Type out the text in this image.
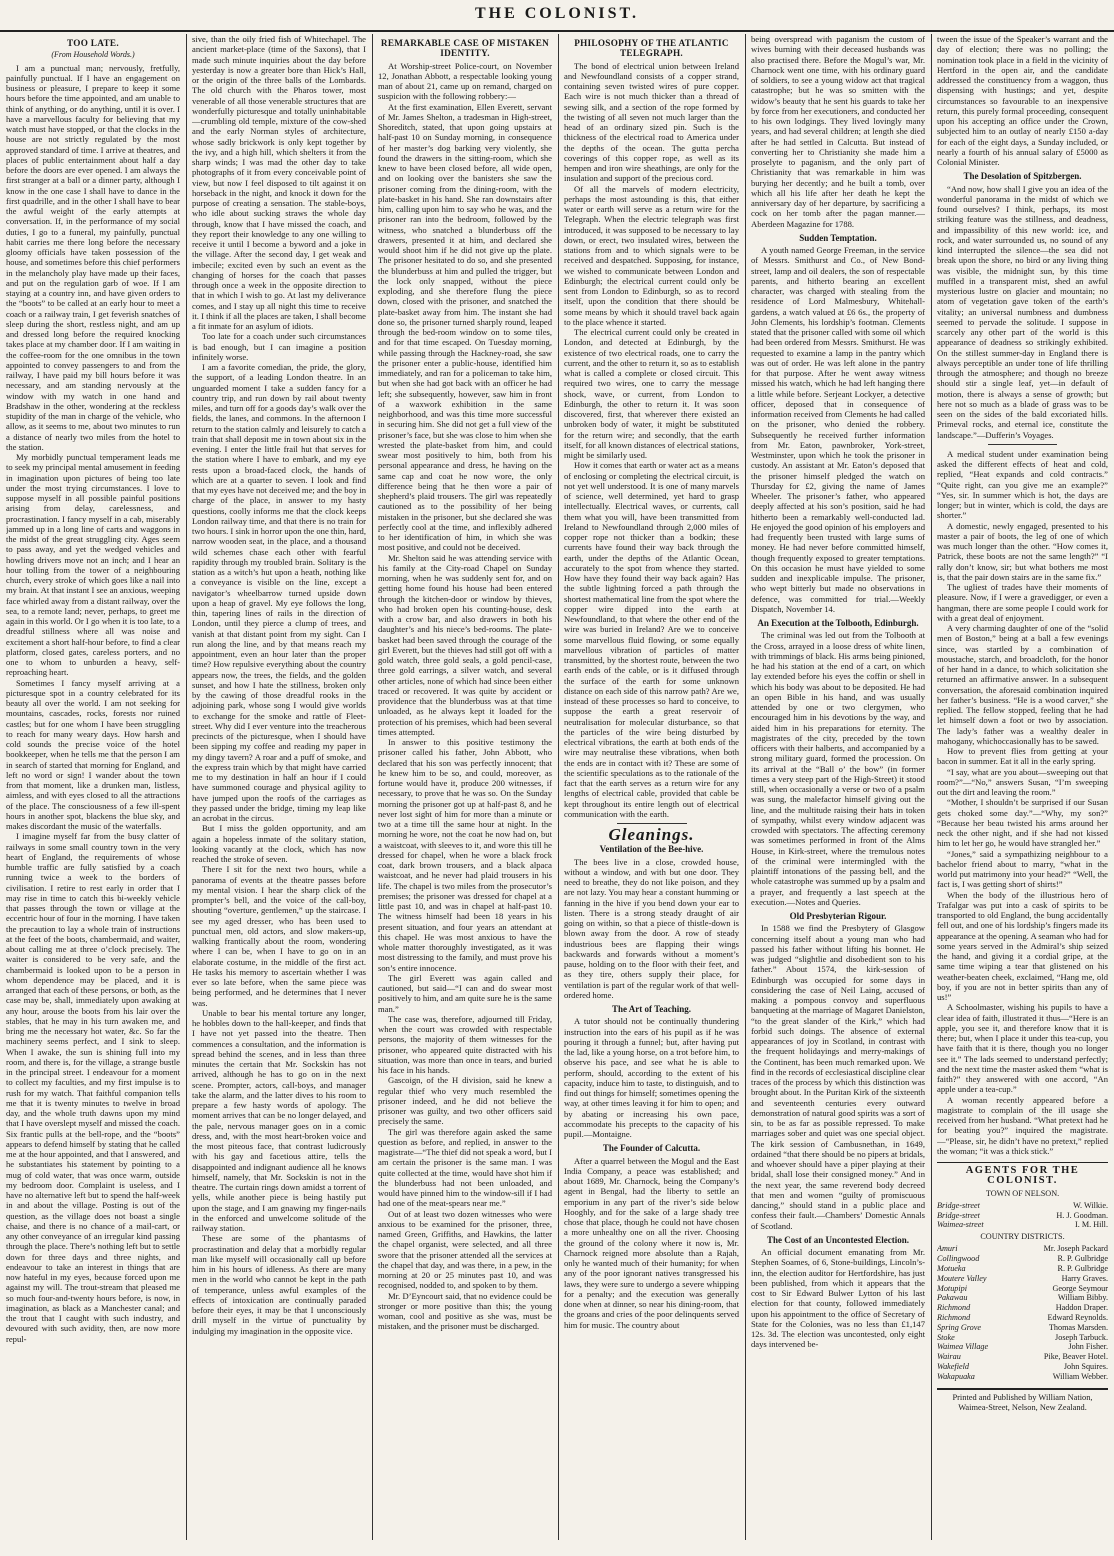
THE COLONIST.
TOO LATE.

(From Household Words.)

I am a punctual man; nervously, fretfully, painfully punctual. If I have an engagement on business or pleasure, I prepare to keep it some hours before the time appointed, and am unable to think of anything, or do anything, until it is over. I have a marvellous faculty for believing that my watch must have stopped, or that the clocks in the house are not strictly regulated by the most approved standard of time. I arrive at theatres, and places of public entertainment about half a day before the doors are ever opened. I am always the first stranger at a ball or a dinner party, although I know in the one case I shall have to dance in the first quadrille, and in the other I shall have to bear the awful weight of the early attempts at conversation. If, in the performance of my social duties, I go to a funeral, my painfully, punctual habit carries me there long before the necessary gloomy officials have taken possession of the house, and sometimes before this chief performers in the melancholy play have made up their faces, and put on the regulation garb of woe. If I am staying at a country inn, and have given orders to the “boots” to be called at an early hour to meet a coach or a railway train, I get feverish snatches of sleep during the short, restless night, and am up and dressed long before the required knocking takes place at my chamber door. If I am waiting in the coffee-room for the one omnibus in the town appointed to convey passengers to and from the railway, I have paid my bill hours before it was necessary, and am standing nervously at the window with my watch in one hand and Bradshaw in the other, wondering at the reckless stupidity of the man in charge of the vehicle, who allow, as it seems to me, about two minutes to run a distance of nearly two miles from the hotel to the station.

My morbidly punctual temperament leads me to seek my principal mental amusement in feeding in imagination upon pictures of being too late under the most trying circumstances. I love to suppose myself in all possible painful positions arising from delay, carelessness, and procrastination. I fancy myself in a cab, miserably jammed up in a long line of carts and waggons in the midst of the great struggling city. Ages seem to pass away, and yet the wedged vehicles and howling drivers move not an inch; and I hear an hour tolling from the tower of a neighbouring church, every stroke of which goes like a nail into my brain. At that instant I see an anxious, weeping face whirled away from a distant railway, over the sea, to a remote land; never, perhaps, to greet me again in this world. Or I go when it is too late, to a dreadful stillness where all was noise and excitement a short half-hour before, to find a clear platform, closed gates, careless porters, and no one to whom to unburden a heavy, self-reproaching heart.

Sometimes I fancy myself arriving at a picturesque spot in a country celebrated for its beauty all over the world. I am not seeking for mountains, cascades, rocks, forests nor ruined castles; but for one whom I have been struggling to reach for many weary days. How harsh and cold sounds the precise voice of the hotel bookkeeper, when he tells me that the person I am in search of started that morning for England, and left no word or sign! I wander about the town from that moment, like a drunken man, listless, aimless, and with eyes closed to all the attractions of the place. The consciousness of a few ill-spent hours in another spot, blackens the blue sky, and makes discordant the music of the waterfalls.

I imagine myself far from the busy clatter of railways in some small country town in the very heart of England, the requirements of whose humble traffic are fully satisfied by a coach running twice a week to the borders of civilisation. I retire to rest early in order that I may rise in time to catch this bi-weekly vehicle that passes through the town or village at the eccentric hour of four in the morning. I have taken the precaution to lay a whole train of instructions at the feet of the boots, chambermaid, and waiter, about calling me at three o’clock precisely. The waiter is considered to be very safe, and the chambermaid is looked upon to be a person in whom dependence may be placed, and it is arranged that each of these persons, or both, as the case may be, shall, immediately upon awaking at any hour, arouse the boots from his lair over the stables, that he may in his turn awaken me, and bring me the necessary hot water, &c. So far the machinery seems perfect, and I sink to sleep. When I awake, the sun is shining full into my room, and there is, for the village, a strange bustle in the principal street. I endeavour for a moment to collect my faculties, and my first impulse is to rush for my watch. That faithful companion tells me that it is twenty minutes to twelve in broad day, and the whole truth dawns upon my mind that I have overslept myself and missed the coach. Six frantic pulls at the bell-rope, and the “boots” appears to defend himself by stating that he called me at the hour appointed, and that I answered, and he substantiates his statement by pointing to a mug of cold water, that was once warm, outside my bedroom door. Complaint is useless, and I have no alternative left but to spend the half-week in and about the village. Posting is out of the question, as the village does not boast a single chaise, and there is no chance of a mail-cart, or any other conveyance of an irregular kind passing through the place. There’s nothing left but to settle down for three days and three nights, and endeavour to take an interest in things that are now hateful in my eyes, because forced upon me against my will. The trout-stream that pleased me so much four-and-twenty hours before, is now, in imagination, as black as a Manchester canal; and the trout that I caught with such industry, and devoured with such avidity, then, are now more repul-

sive, than the oily fried fish of Whitechapel. The ancient market-place (time of the Saxons), that I made such minute inquiries about the day before yesterday is now a greater bore than Hick’s Hall, or the origin of the three balls of the Lombards. The old church with the Pharos tower, most venerable of all those venerable structures that are wonderfully picturesque and totally uninhabitable—crumbling old temple, mixture of the cow-shed and the early Norman styles of architecture, whose sadly brickwork is only kept together by the ivy, and a high hill, which shelters it from the sharp winds; I was mad the other day to take photographs of it from every conceivable point of view, but now I feel disposed to tilt against it on horseback in the night, and knock it down for the purpose of creating a sensation. The stable-boys, who idle about sucking straws the whole day through, know that I have missed the coach, and they report their knowledge to any one willing to receive it until I become a byword and a joke in the village. After the second day, I get weak and imbecile; excited even by such an event as the changing of horses for the coach that passes through once a week in the opposite direction to that in which I wish to go. At last my deliverance comes, and I stay up all night this time to receive it. I think if all the places are taken, I shall become a fit inmate for an asylum of idiots.

Too late for a coach under such circumstances is bad enough, but I can imagine a position infinitely worse.

I am a favorite comedian, the pride, the glory, the support, of a leading London theatre. In an unguarded moment I take a sudden fancy for a country trip, and run down by rail about twenty miles, and turn off for a goods day’s walk over the fields, the lanes, and commons. In the afternoon I return to the station calmly and leisurely to catch a train that shall deposit me in town about six in the evening. I enter the little frail hut that serves for the station where I have to embark, and my eye rests upon a broad-faced clock, the hands of which are at a quarter to seven. I look and find that my eyes have not deceived me; and the boy in charge of the place, in answer to my hasty questions, coolly informs me that the clock keeps London railway time, and that there is no train for two hours. I sink in horror upon the one thin, hard, narrow wooden seat, in the place, and a thousand wild schemes chase each other with fearful rapidity through my troubled brain. Solitary is the station as a witch’s hut upon a heath, nothing like a conveyance is visible on the line, except a navigator’s wheelbarrow turned upside down upon a heap of gravel. My eye follows the long, thin, tapering lines of rails in the direction of London, until they pierce a clump of trees, and vanish at that distant point from my sight. Can I run along the line, and by that means reach my appointment, even an hour later than the proper time? How repulsive everything about the country appears now, the trees, the fields, and the golden sunset, and how I hate the stillness, broken only by the cawing of those dreadful rooks in the adjoining park, whose song I would give worlds to exchange for the smoke and rattle of Fleet-street. Why did I ever venture into the treacherous precincts of the picturesque, when I should have been sipping my coffee and reading my paper in my dingy tavern? A roar and a puff of smoke, and the express train which by that might have carried me to my destination in half an hour if I could have summoned courage and physical agility to have jumped upon the roofs of the carriages as they passed under the bridge, timing my leap like an acrobat in the circus.

But I miss the golden opportunity, and am again a hopeless inmate of the solitary station, looking vacantly at the clock, which has now reached the stroke of seven.

There I sit for the next two hours, while a panorama of events at the theatre passes before my mental vision. I hear the sharp click of the prompter’s bell, and the voice of the call-boy, shouting “overture, gentlemen,” up the staircase. I see my aged dresser, who has been used to punctual men, old actors, and slow makers-up, walking frantically about the room, wondering where I can be, when I have to go on in an elaborate costume, in the middle of the first act. He tasks his memory to ascertain whether I was ever so late before, when the same piece was being performed, and he determines that I never was.

Unable to bear his mental torture any longer, he hobbles down to the hall-keeper, and finds that I have not yet passed into the theatre. Then commences a consultation, and the information is spread behind the scenes, and in less than three minutes the certain that Mr. Sockskin has not arrived, although he has to go on in the next scene. Prompter, actors, call-boys, and manager take the alarm, and the latter dives to his room to prepare a few hasty words of apology. The moment arrives that can be no longer delayed, and the pale, nervous manager goes on in a comic dress, and, with the most heart-broken voice and the most piteous face, that contrast ludicrously with his gay and facetious attire, tells the disappointed and indignant audience all he knows himself, namely, that Mr. Sockskin is not in the theatre. The curtain rings down amidst a torrent of yells, while another piece is being hastily put upon the stage, and I am gnawing my finger-nails in the enforced and unwelcome solitude of the railway station.

These are some of the phantasms of procrastination and delay that a morbidly regular man like myself will occasionally call up before him in his hours of idleness. As there are many men in the world who cannot be kept in the path of temperance, unless awful examples of the effects of intoxication are continually paraded before their eyes, it may be that I unconsciously drill myself in the virtue of punctuality by indulging my imagination in the opposite vice.

REMARKABLE CASE OF MISTAKEN IDENTITY.

At Worship-street Police-court, on November 12, Jonathan Abbott, a respectable looking young man of about 21, came up on remand, charged on suspicion with the following robbery:—

At the first examination, Ellen Everett, servant of Mr. James Shelton, a tradesman in High-street, Shoreditch, stated, that upon going upstairs at half-past 10 on Sunday morning, in consequence of her master’s dog barking very violently, she found the drawers in the sitting-room, which she knew to have been closed before, all wide open, and on looking over the banisters she saw the prisoner coming from the dining-room, with the plate-basket in his hand. She ran downstairs after him, calling upon him to say who he was, and the prisoner ran into the bedroom, followed by the witness, who snatched a blunderbuss off the drawers, presented it at him, and declared she would shoot him if he did not give up the plate. The prisoner hesitated to do so, and she presented the blunderbuss at him and pulled the trigger, but the lock only snapped, without the piece exploding, and she therefore flung the piece down, closed with the prisoner, and snatched the plate-basket away from him. The instant she had done so, the prisoner turned sharply round, leaped through the bed-room window on to some tiles, and for that time escaped. On Tuesday morning, while passing through the Hackney-road, she saw the prisoner enter a public-house, identified him immediately, and ran for a policeman to take him, but when she had got back with an officer he had left; she subsequently, however, saw him in front of a waxwork exhibition in the same neighborhood, and was this time more successful in securing him. She did not get a full view of the prisoner’s face, but she was close to him when she wrested the plate-basket from him, and could swear most positively to him, both from his personal appearance and dress, he having on the same cap and coat he now wore, the only difference being that he then wore a pair of shepherd’s plaid trousers. The girl was repeatedly cautioned as to the possibility of her being mistaken in the prisoner, but she declared she was perfectly cool at the time, and inflexibly adhered to her identification of him, in which she was most positive, and could not be deceived.

Mr. Shelton said he was attending service with his family at the City-road Chapel on Sunday morning, when he was suddenly sent for, and on getting home found his house had been entered through the kitchen-door or window by thieves, who had broken open his counting-house, desk with a crow bar, and also drawers in both his daughter’s and his niece’s bed-rooms. The plate-basket had been saved through the courage of the girl Everett, but the thieves had still got off with a gold watch, three gold seals, a gold pencil-case, three gold earrings, a silver watch, and several other articles, none of which had since been either traced or recovered. It was quite by accident or providence that the blunderbuss was at that time unloaded, as he always kept it loaded for the protection of his premises, which had been several times attempted.

In answer to this positive testimony the prisoner called his father, John Abbott, who declared that his son was perfectly innocent; that he knew him to be so, and could, moreover, as fortune would have it, produce 200 witnesses, if necessary, to prove that he was so. On the Sunday morning the prisoner got up at half-past 8, and he never lost sight of him for more than a minute or two at a time till the same hour at night. In the morning he wore, not the coat he now had on, but a waistcoat, with sleeves to it, and wore this till he dressed for chapel, when he wore a black frock coat, dark brown trousers, and a black alpaca waistcoat, and he never had plaid trousers in his life. The chapel is two miles from the prosecutor’s premises; the prisoner was dressed for chapel at a little past 10, and was in chapel at half-past 10. The witness himself had been 18 years in his present situation, and four years an attendant at this chapel. He was most anxious to have the whole matter thoroughly investigated, as it was most distressing to the family, and must prove his son’s entire innocence.

The girl Everett was again called and cautioned, but said—“I can and do swear most positively to him, and am quite sure he is the same man.”

The case was, therefore, adjourned till Friday, when the court was crowded with respectable persons, the majority of them witnesses for the prisoner, who appeared quite distracted with his situation, was more than once in tears, and buried his face in his hands.

Gascoign, of the H division, said he knew a regular thief who very much resembled the prisoner indeed, and he did not believe the prisoner was guilty, and two other officers said precisely the same.

The girl was therefore again asked the same question as before, and replied, in answer to the magistrate—“The thief did not speak a word, but I am certain the prisoner is the same man. I was quite collected at the time, would have shot him if the blunderbuss had not been unloaded, and would have pinned him to the window-sill if I had had one of the meat-spears near me.”

Out of at least two dozen witnesses who were anxious to be examined for the prisoner, three, named Green, Griffiths, and Hawkins, the latter the chapel organist, were selected, and all three swore that the prisoner attended all the services at the chapel that day, and was there, in a pew, in the morning at 20 or 25 minutes past 10, and was recognised, nodded to, and spoken to by them.

Mr. D’Eyncourt said, that no evidence could be stronger or more positive than this; the young woman, cool and positive as she was, must be mistaken, and the prisoner must be discharged.

PHILOSOPHY OF THE ATLANTIC TELEGRAPH.

The bond of electrical union between Ireland and Newfoundland consists of a copper strand, containing seven twisted wires of pure copper. Each wire is not much thicker than a thread of sewing silk, and a section of the rope formed by the twisting of all seven not much larger than the head of an ordinary sized pin. Such is the thickness of the electrical road to America under the depths of the ocean. The gutta percha coverings of this copper rope, as well as its hempen and iron wire sheathings, are only for the insulation and support of the precious cord.

Of all the marvels of modern electricity, perhaps the most astounding is this, that either water or earth will serve as a return wire for the Telegraph. When the electric telegraph was first introduced, it was supposed to be necessary to lay down, or erect, two insulated wires, between the stations from and to which signals were to be received and despatched. Supposing, for instance, we wished to communicate between London and Edinburgh; the electrical current could only be sent from London to Edinburgh, so as to record itself, upon the condition that there should be some means by which it should travel back again to the place whence it started.

The electrical current could only be created in London, and detected at Edinburgh, by the existence of two electrical roads, one to carry the current, and the other to return it, so as to establish what is called a complete or closed circuit. This required two wires, one to carry the message shock, wave, or current, from London to Edinburgh, the other to return it. It was soon discovered, first, that wherever there existed an unbroken body of water, it might be substituted for the return wire; and secondly, that the earth itself, for all known distances of electrical stations, might be similarly used.

How it comes that earth or water act as a means of enclosing or completing the electrical circuit, is not yet well understood. It is one of many marvels of science, well determined, yet hard to grasp intellectually. Electrical waves, or currents, call them what you will, have been transmitted from Ireland to Newfoundland through 2,000 miles of copper rope not thicker than a bodkin; these currents have found their way back through the earth, under the depths of the Atlantic Ocean, accurately to the spot from whence they started. How have they found their way back again? Has the subtle lightning forced a path through the shortest mathematical line from the spot where the copper wire dipped into the earth at Newfoundland, to that where the other end of the wire was buried in Ireland? Are we to conceive some marvellous fluid flowing, or some equally marvellous vibration of particles of matter transmitted, by the shortest route, between the two earth ends of the cable, or is it diffused through the surface of the earth for some unknown distance on each side of this narrow path? Are we, instead of these processes so hard to conceive, to suppose the earth a great reservoir of neutralisation for molecular disturbance, so that the particles of the wire being disturbed by electrical vibrations, the earth at both ends of the wire may neutralise these vibrations, when both the ends are in contact with it? These are some of the scientific speculations as to the rationale of the fact that the earth serves as a return wire for any lengths of electrical cable, provided that cable be kept throughout its entire length out of electrical communication with the earth.

Gleanings.
Ventilation of the Bee-hive.

The bees live in a close, crowded house, without a window, and with but one door. They need to breathe, they do not like poison, and they are not lazy. You may hear a constant humming or fanning in the hive if you bend down your ear to listen. There is a strong steady draught of air going on within, so that a piece of thistle-down is blown away from the door. A row of steady industrious bees are flapping their wings backwards and forwards without a moment’s pause, holding on to the floor with their feet, and as they tire, others supply their place, for ventilation is part of the regular work of that well-ordered home.

The Art of Teaching.

A tutor should not be continually thundering instruction into the ears of his pupil as if he was pouring it through a funnel; but, after having put the lad, like a young horse, on a trot before him, to observe his pace, and see what he is able to perform, should, according to the extent of his capacity, induce him to taste, to distinguish, and to find out things for himself; sometimes opening the way, at other times leaving it for him to open; and by abating or increasing his own pace, accommodate his precepts to the capacity of his pupil.—Montaigne.

The Founder of Calcutta.

After a quarrel between the Mogul and the East India Company, a peace was established; and about 1689, Mr. Charnock, being the Company’s agent in Bengal, had the liberty to settle an emporium in any part of the river’s side below Hooghly, and for the sake of a large shady tree chose that place, though he could not have chosen a more unhealthy one on all the river. Choosing the ground of the colony where it now is, Mr. Charnock reigned more absolute than a Rajah, only he wanted much of their humanity; for when any of the poor ignorant natives transgressed his laws, they were sure to undergo a severe whipping for a penalty; and the execution was generally done when at dinner, so near his dining-room, that the groans and cries of the poor delinquents served him for music. The country about

being overspread with paganism the custom of wives burning with their deceased husbands was also practised there. Before the Mogul’s war, Mr. Charnock went one time, with his ordinary guard of soldiers, to see a young widow act that tragical catastrophe; but he was so smitten with the widow’s beauty that he sent his guards to take her by force from her executioners, and conducted her to his own lodgings. They lived lovingly many years, and had several children; at length she died after he had settled in Calcutta. But instead of converting her to Christianity she made him a proselyte to paganism, and the only part of Christianity that was remarkable in him was burying her decently; and he built a tomb, over which all his life after her death he kept the anniversary day of her departure, by sacrificing a cock on her tomb after the pagan manner.—Aberdeen Magazine for 1788.

Sudden Temptation.

A youth named George Freeman, in the service of Messrs. Smithurst and Co., of New Bond-street, lamp and oil dealers, the son of respectable parents, and hitherto bearing an excellent character, was charged with stealing from the residence of Lord Malmesbury, Whitehall-gardens, a watch valued at £6 6s., the property of John Clements, his lordship’s footman. Clements stated that the prisoner called with some oil which had been ordered from Messrs. Smithurst. He was requested to examine a lamp in the pantry which was out of order. He was left alone in the pantry for that purpose. After he went away witness missed his watch, which he had left hanging there a little while before. Serjeant Lockyer, a detective officer, deposed that in consequence of information received from Clements he had called on the prisoner, who denied the robbery. Subsequently he received further information from Mr. Eaton, pawnbroker, York-street, Westminster, upon which he took the prisoner in custody. An assistant at Mr. Eaton’s deposed that the prisoner himself pledged the watch on Thursday for £2, giving the name of James Wheeler. The prisoner’s father, who appeared deeply affected at his son’s position, said he had hitherto been a remarkably well-conducted lad. He enjoyed the good opinion of his employers and had frequently been trusted with large sums of money. He had never before committed himself, though frequently exposed to greater temptations. On this occasion he must have yielded to some sudden and inexplicable impulse. The prisoner, who wept bitterly but made no observations in defence, was committed for trial.—Weekly Dispatch, November 14.

An Execution at the Tolbooth, Edinburgh.

The criminal was led out from the Tolbooth at the Cross, arrayed in a loose dress of white linen, with trimmings of black. His arms being pinioned, he had his station at the end of a cart, on which lay extended before his eyes the coffin or shell in which his body was about to be deposited. He had an open Bible in his hand, and was usually attended by one or two clergymen, who encouraged him in his devotions by the way, and aided him in his preparations for eternity. The magistrates of the city, preceded by the town officers with their halberts, and accompanied by a strong military guard, formed the procession. On its arrival at the “Ball o’ the bow” (in former times a very steep part of the High-Street) it stood still, when occasionally a verse or two of a psalm was sung, the malefactor himself giving out the line, and the multitude raising their hats in token of sympathy, whilst every window adjacent was crowded with spectators. The affecting ceremony was sometimes performed in front of the Alms House, in Kirk-street, where the tremulous notes of the criminal were intermingled with the plaintiff intonations of the passing bell, and the whole catastrophe was summed up by a psalm and a prayer, and frequently a last speech at the execution.—Notes and Queries.

Old Presbyterian Rigour.

In 1588 we find the Presbytery of Glasgow concerning itself about a young man who had passed his father without lifting his bonnet. He was judged “slightlie and disobedient son to his father.” About 1574, the kirk-session of Edinburgh was occupied for some days in considering the case of Neil Laing, accused of making a pompous convoy and superfluous banqueting at the marriage of Magaret Danielston, “to the great slander of the Kirk,” which had forbid such doings. The absence of external appearances of joy in Scotland, in contrast with the frequent holidayings and merry-makings of the Continent, has been much remarked upon. We find in the records of ecclesiastical discipline clear traces of the process by which this distinction was brought about. In the Puritan Kirk of the sixteenth and seventeenth centuries every outward demonstration of natural good spirits was a sort of sin, to be as far as possible repressed. To make marriages sober and quiet was one special object. The kirk session of Cambusnethan, in 1649, ordained “that there should be no pipers at bridals, and whoever should have a piper playing at their bridal, shall lose their consigned money.” And in the next year, the same reverend body decreed that men and women “guilty of promiscuous dancing,” should stand in a public place and confess their fault.—Chambers’ Domestic Annals of Scotland.

The Cost of an Uncontested Election.

An official document emanating from Mr. Stephen Soames, of 6, Stone-buildings, Lincoln’s-inn, the election auditor for Hertfordshire, has just been published, from which it appears that the cost to Sir Edward Bulwer Lytton of his last election for that county, followed immediately upon his appointment to the office of Secretary of State for the Colonies, was no less than £1,147 12s. 3d. The election was uncontested, only eight days intervened be-

tween the issue of the Speaker’s warrant and the day of election; there was no polling; the nomination took place in a field in the vicinity of Hertford in the open air, and the candidate addressed the constituency from a waggon, thus dispensing with hustings; and yet, despite circumstances so favourable to an inexpensive return, this purely formal proceeding, consequent upon his accepting an office under the Crown, subjected him to an outlay of nearly £150 a-day for each of the eight days, a Sunday included, or nearly a fourth of his annual salary of £5000 as Colonial Minister.

The Desolation of Spitzbergen.

“And now, how shall I give you an idea of the wonderful panorama in the midst of which we found ourselves? I think, perhaps, its most striking feature was the stillness, and deadness, and impassibility of this new world: ice, and rock, and water surrounded us, no sound of any kind interrupted the silence—the sea did not break upon the shore, no bird or any living thing was visible, the midnight sun, by this time muffled in a transparent mist, shed an awful mysterious lustre on glacier and mountain; no atom of vegetation gave token of the earth’s vitality; an universal numbness and dumbness seemed to pervade the solitude. I suppose in scarcely any other part of the world is this appearance of deadness so strikingly exhibited. On the stillest summer-day in England there is always perceptible an under tone of life thrilling through the atmosphere; and though no breeze should stir a single leaf, yet—in default of motion, there is always a sense of growth; but here not so much as a blade of grass was to be seen on the sides of the bald excoriated hills. Primeval rocks, and eternal ice, constitute the landscape.”—Dufferin’s Voyages.

A medical student under examination being asked the different effects of heat and cold, replied, “Heat expands and cold contracts.” “Quite right, can you give me an example?” “Yes, sir. In summer which is hot, the days are longer; but in winter, which is cold, the days are shorter.”

A domestic, newly engaged, presented to his master a pair of boots, the leg of one of which was much longer than the other. “How comes it, Patrick, these boots are not the same length?” “I rally don’t know, sir; but what bothers me most is, that the pair down stairs are in the same fix.”

The ugliest of trades have their moments of pleasure. Now, if I were a gravedigger, or even a hangman, there are some people I could work for with a great deal of enjoyment.

A very charming daughter of one of the “solid men of Boston,” being at a ball a few evenings since, was startled by a combination of moustache, starch, and broadcloth, for the honor of her hand in a dance, to which solicitation she returned an affirmative answer. In a subsequent conversation, the aforesaid combination inquired her father’s business. “He is a wood carver,” she replied. The fellow stopped, feeling that he had let himself down a foot or two by association. The lady’s father was a wealthy dealer in mahogany, whichoccasionally has to be sawed.

How to prevent flies from getting at your bacon in summer. Eat it all in the early spring.

“I say, what are you about—sweeping out that room?”—“No,” answers Susan, “I’m sweeping out the dirt and leaving the room.”

“Mother, I shouldn’t be surprised if our Susan gets choked some day.”—“Why, my son?” “Because her beau twisted his arms around her neck the other night, and if she had not kissed him to let her go, he would have strangled her.”

“Jones,” said a sympathizing neighbour to a bachelor friend about to marry, “what in the world put matrimony into your head?” “Well, the fact is, I was getting short of shirts!”

When the body of the illustrious hero of Trafalgar was put into a cask of spirits to be transported to old England, the bung accidentally fell out, and one of his lordship’s fingers made its appearance at the opening. A seaman who had for some years served in the Admiral’s ship seized the hand, and giving it a cordial gripe, at the same time wiping a tear that glistened on his weather-beaten cheek, exclaimed, “Hang me, old boy, if you are not in better spirits than any of us!”

A Schoolmaster, wishing his pupils to have a clear idea of faith, illustrated it thus—“Here is an apple, you see it, and therefore know that it is there; but, when I place it under this tea-cup, you have faith that it is there, though you no longer see it.” The lads seemed to understand perfectly; and the next time the master asked them “what is faith?” they answered with one accord, “An apple under a tea-cup.”

A woman recently appeared before a magistrate to complain of the ill usage she received from her husband. “What pretext had he for beating you?” inquired the magistrate.—“Please, sir, he didn’t have no pretext,” replied the woman; “it was a thick stick.”

AGENTS FOR THE COLONIST.
TOWN OF NELSON.
Bridge-street	W. Wilkie.
Bridge-street	H. J. Goodman.
Waimea-street	I. M. Hill.
COUNTRY DISTRICTS.
Amuri	Mr. Joseph Packard
Collingwood	R. P. Gulbridge
Motueka	R. P. Gulbridge
Moutere Valley	Harry Graves.
Motupipi	George Seymour
Pakawau	William Bibby.
Richmond	Haddon Draper.
Richmond	Edward Reynolds.
Spring Grove	Thomas Marsden.
Stoke	Joseph Tarbuck.
Waimea Village	John Fisher.
Wairau	Pike, Beaver Hotel.
Wakefield	John Squires.
Wakapuaka	William Webber.
Printed and Published by William Nation, Waimea-Street, Nelson, New Zealand.
